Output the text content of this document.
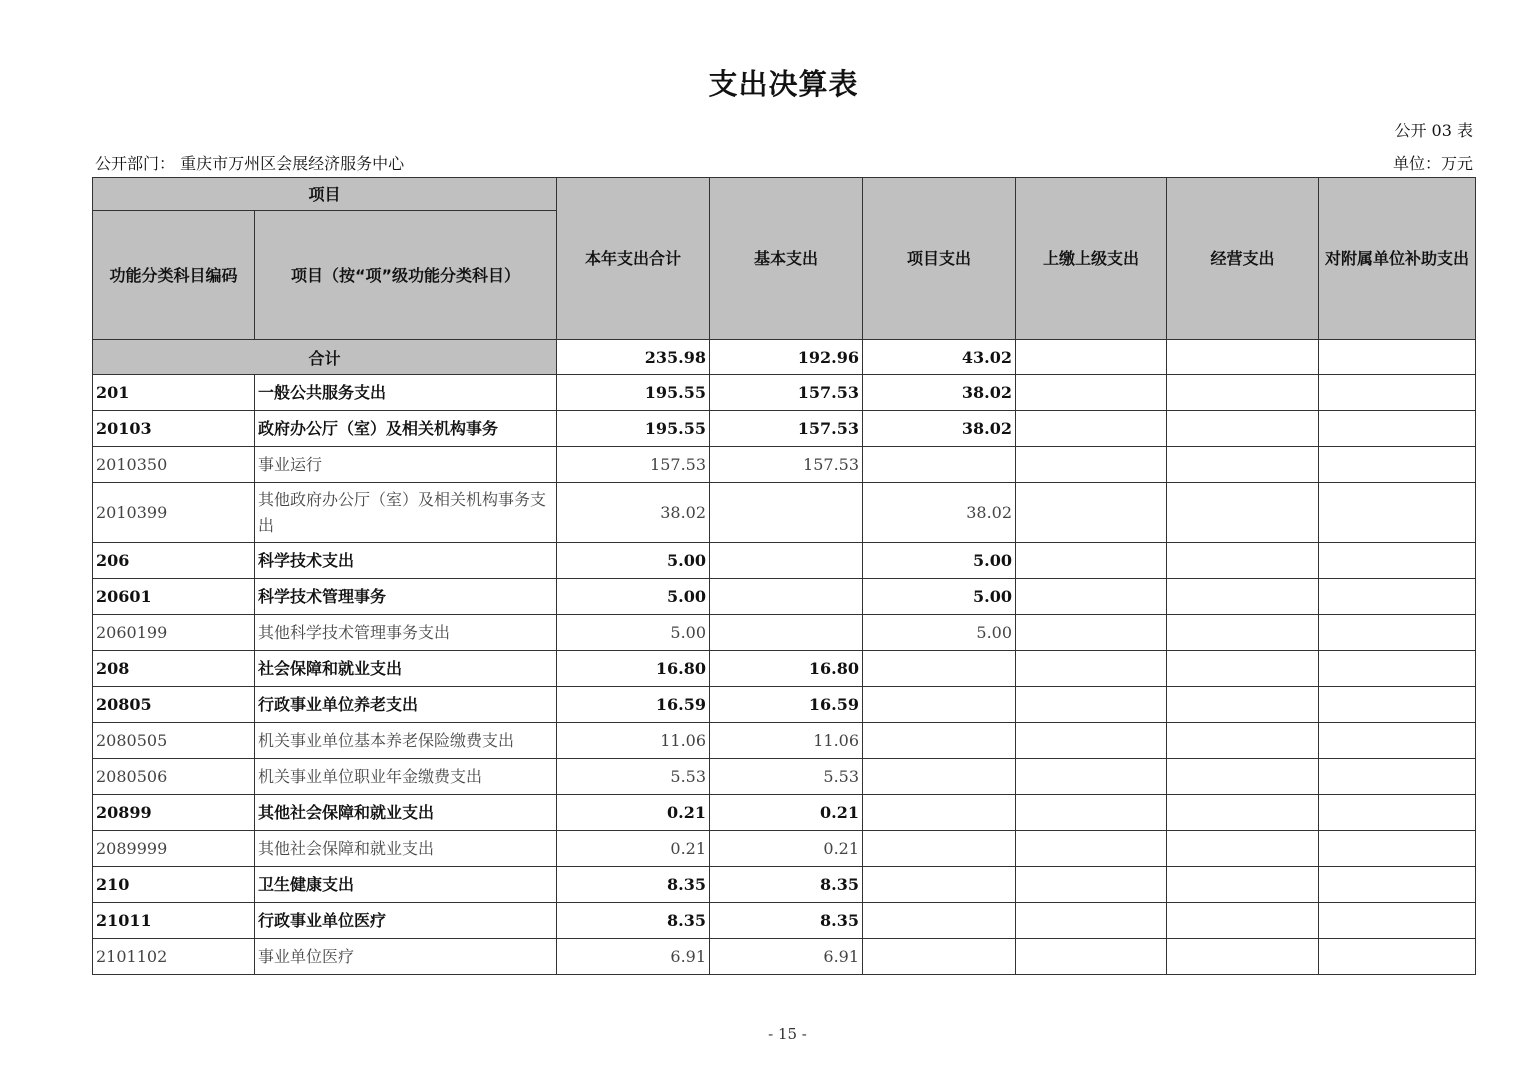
支出决算表
公开 03 表
公开部门： 重庆市万州区会展经济服务中心	单位：万元
项目		本年支出合计	基本支出	项目支出	上缴上级支出	经营支出	对附属单位补助支出
功能分类科目编码	项目（按“项”级功能分类科目）						
合计		235.98	192.96	43.02			
201	一般公共服务支出	195.55	157.53	38.02			
20103	政府办公厅（室）及相关机构事务	195.55	157.53	38.02			
2010350	事业运行	157.53	157.53				
2010399	其他政府办公厅（室）及相关机构事务支出	38.02		38.02			
206	科学技术支出	5.00		5.00			
20601	科学技术管理事务	5.00		5.00			
2060199	其他科学技术管理事务支出	5.00		5.00			
208	社会保障和就业支出	16.80	16.80				
20805	行政事业单位养老支出	16.59	16.59				
2080505	机关事业单位基本养老保险缴费支出	11.06	11.06				
2080506	机关事业单位职业年金缴费支出	5.53	5.53				
20899	其他社会保障和就业支出	0.21	0.21				
2089999	其他社会保障和就业支出	0.21	0.21				
210	卫生健康支出	8.35	8.35				
21011	行政事业单位医疗	8.35	8.35				
2101102	事业单位医疗	6.91	6.91				
- 15 -
